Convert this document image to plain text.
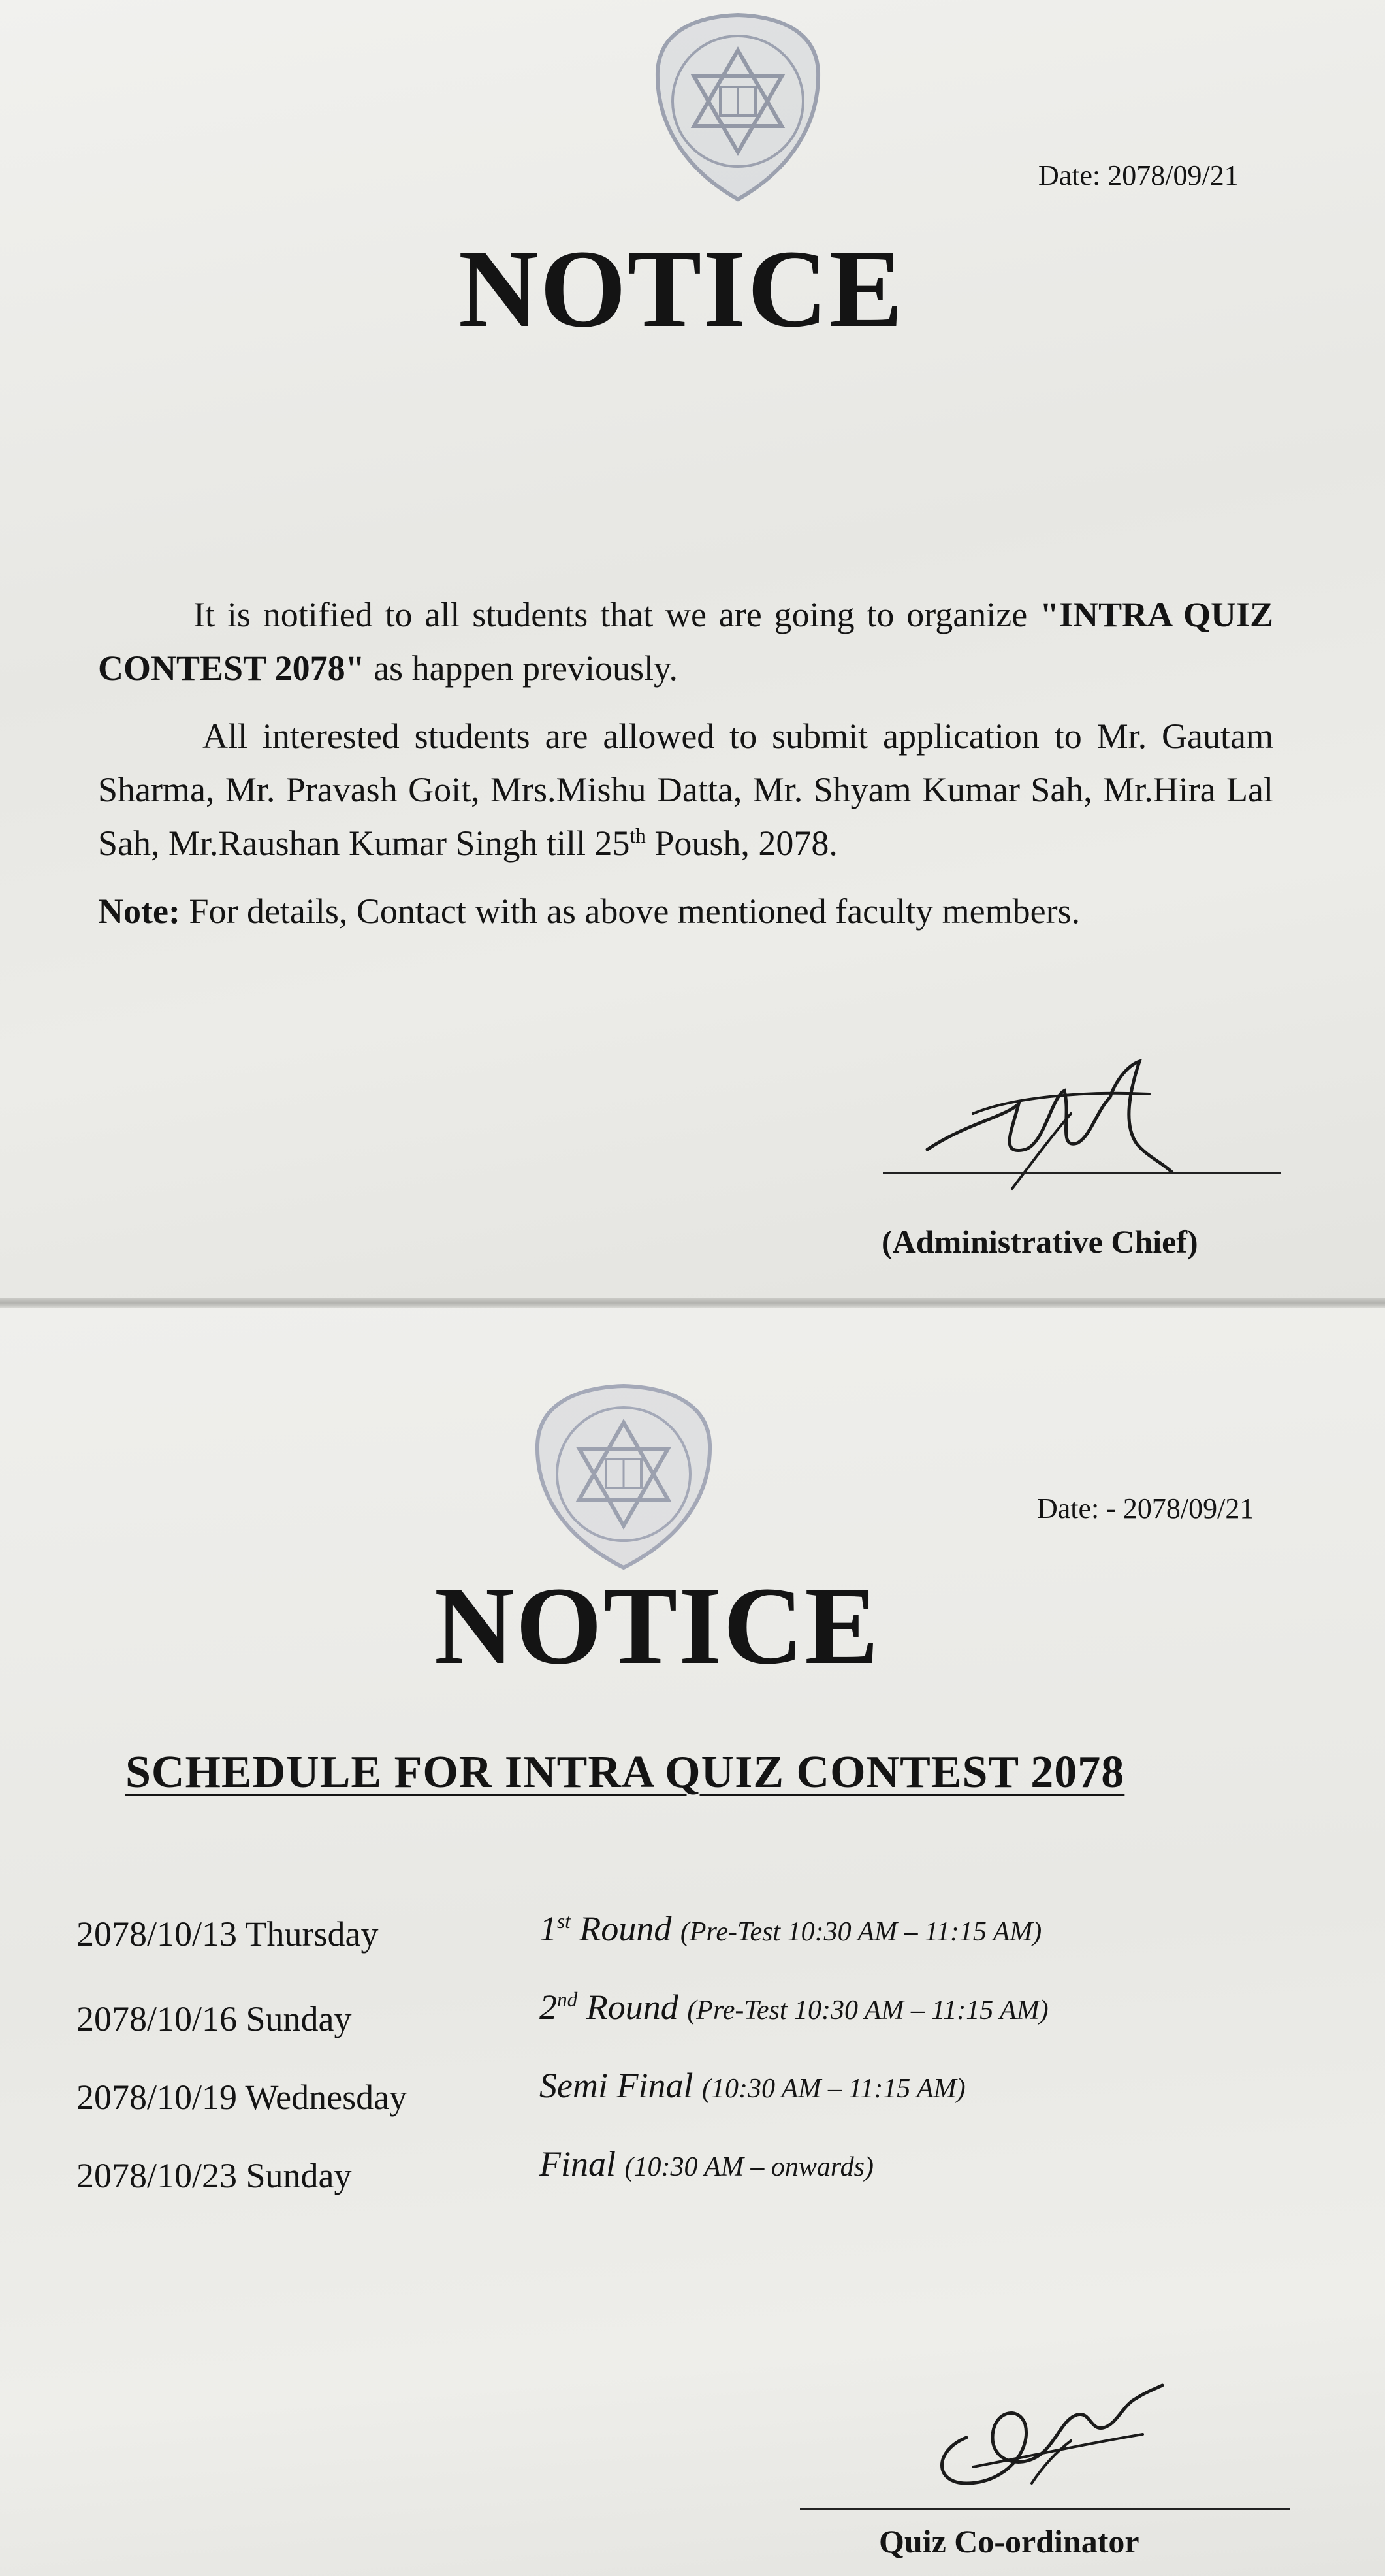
Date: 2078/09/21
NOTICE

It is notified to all students that we are going to organize "INTRA QUIZ CONTEST 2078" as happen previously.

All interested students are allowed to submit application to Mr. Gautam Sharma, Mr. Pravash Goit, Mrs.Mishu Datta, Mr. Shyam Kumar Sah, Mr.Hira Lal Sah, Mr.Raushan Kumar Singh till 25th Poush, 2078.

Note: For details, Contact with as above mentioned faculty members.

(Administrative Chief)
Date: - 2078/09/21
NOTICE
SCHEDULE FOR INTRA QUIZ CONTEST 2078
2078/10/13 Thursday	1st Round (Pre-Test 10:30 AM – 11:15 AM)
2078/10/16 Sunday	2nd Round (Pre-Test 10:30 AM – 11:15 AM)
2078/10/19 Wednesday	Semi Final (10:30 AM – 11:15 AM)
2078/10/23 Sunday	Final (10:30 AM – onwards)
Quiz Co-ordinator
